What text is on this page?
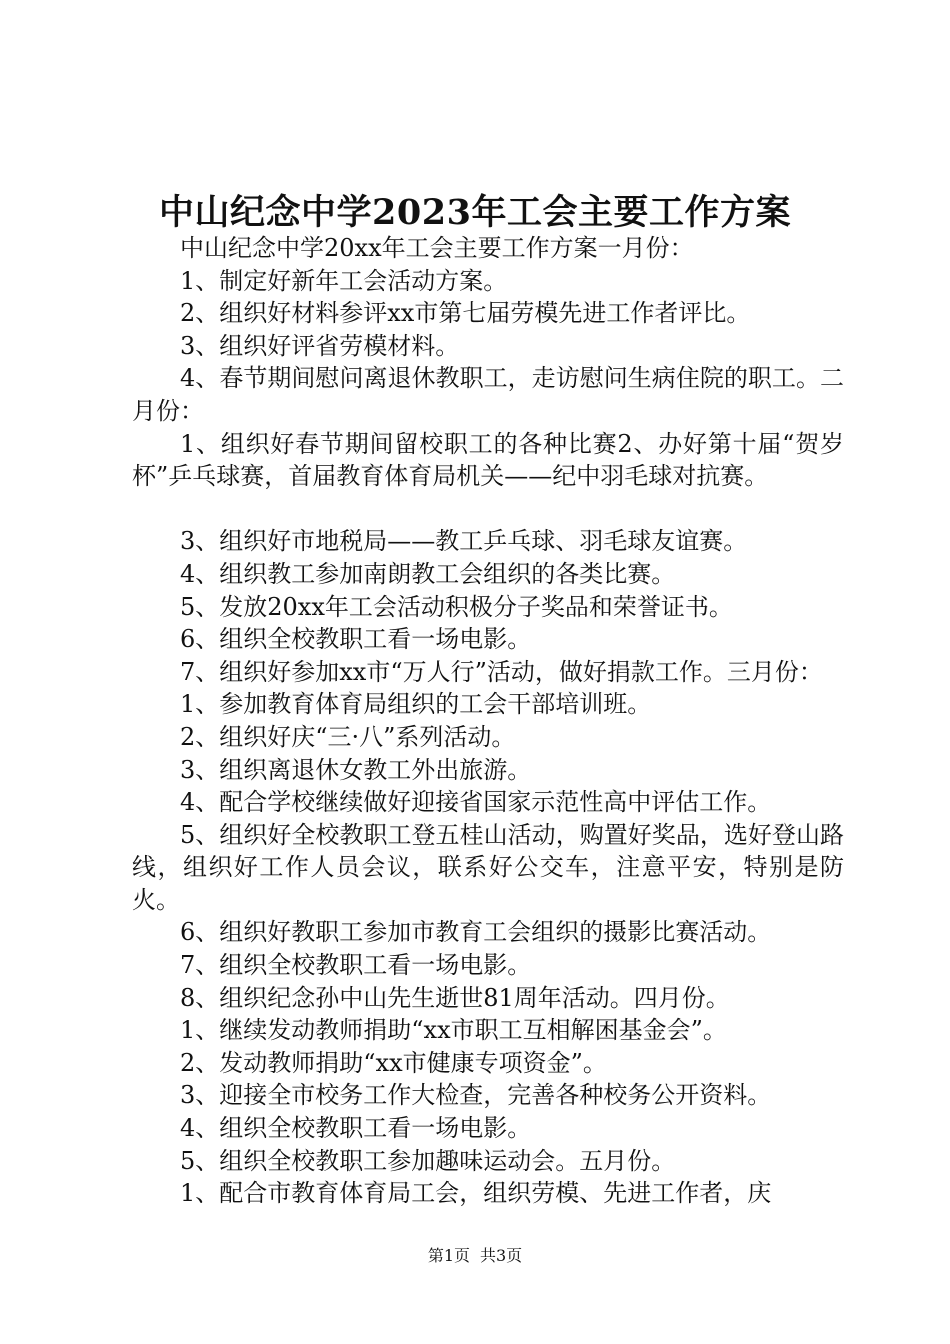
中山纪念中学2023年工会主要工作方案

中山纪念中学20xx年工会主要工作方案一月份：

1、制定好新年工会活动方案。

2、组织好材料参评xx市第七届劳模先进工作者评比。

3、组织好评省劳模材料。

4、春节期间慰问离退休教职工，走访慰问生病住院的职工。二月份：

1、组织好春节期间留校职工的各种比赛2、办好第十届“贺岁杯”乒乓球赛，首届教育体育局机关——纪中羽毛球对抗赛。

3、组织好市地税局——教工乒乓球、羽毛球友谊赛。

4、组织教工参加南朗教工会组织的各类比赛。

5、发放20xx年工会活动积极分子奖品和荣誉证书。

6、组织全校教职工看一场电影。

7、组织好参加xx市“万人行”活动，做好捐款工作。三月份：

1、参加教育体育局组织的工会干部培训班。

2、组织好庆“三·八”系列活动。

3、组织离退休女教工外出旅游。

4、配合学校继续做好迎接省国家示范性高中评估工作。

5、组织好全校教职工登五桂山活动，购置好奖品，选好登山路线，组织好工作人员会议，联系好公交车，注意平安，特别是防火。

6、组织好教职工参加市教育工会组织的摄影比赛活动。

7、组织全校教职工看一场电影。

8、组织纪念孙中山先生逝世81周年活动。四月份。

1、继续发动教师捐助“xx市职工互相解困基金会”。

2、发动教师捐助“xx市健康专项资金”。

3、迎接全市校务工作大检查，完善各种校务公开资料。

4、组织全校教职工看一场电影。

5、组织全校教职工参加趣味运动会。五月份。

1、配合市教育体育局工会，组织劳模、先进工作者，庆

第1页 共3页
